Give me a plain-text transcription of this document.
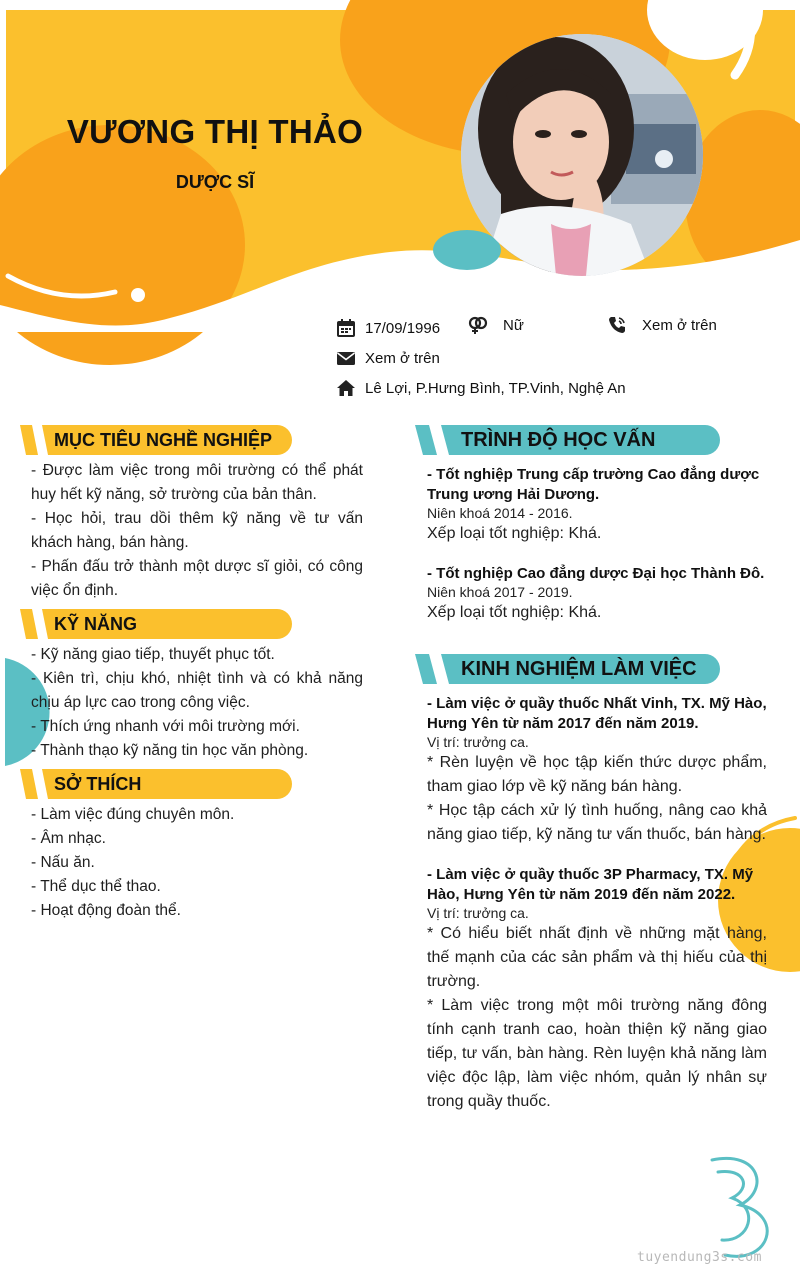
VƯƠNG THỊ THẢO
DƯỢC SĨ
17/09/1996	Nữ	Xem ở trên
Xem ở trên
Lê Lợi, P.Hưng Bình, TP.Vinh, Nghệ An
MỤC TIÊU NGHỀ NGHIỆP

- Được làm việc trong môi trường có thể phát huy hết kỹ năng, sở trường của bản thân.

- Học hỏi, trau dồi thêm kỹ năng về tư vấn khách hàng, bán hàng.

- Phấn đấu trở thành một dược sĩ giỏi, có công việc ổn định.

KỸ NĂNG

- Kỹ năng giao tiếp, thuyết phục tốt.

- Kiên trì, chịu khó, nhiệt tình và có khả năng chịu áp lực cao trong công việc.

- Thích ứng nhanh với môi trường mới.

- Thành thạo kỹ năng tin học văn phòng.

SỞ THÍCH

- Làm việc đúng chuyên môn.

- Âm nhạc.

- Nấu ăn.

- Thể dục thể thao.

- Hoạt động đoàn thể.

TRÌNH ĐỘ HỌC VẤN
- Tốt nghiệp Trung cấp trường Cao đẳng dược Trung ương Hải Dương.
Niên khoá 2014 - 2016.
Xếp loại tốt nghiệp: Khá.
- Tốt nghiệp Cao đẳng dược Đại học Thành Đô.
Niên khoá 2017 - 2019.
Xếp loại tốt nghiệp: Khá.
KINH NGHIỆM LÀM VIỆC
- Làm việc ở quầy thuốc Nhất Vinh, TX. Mỹ Hào, Hưng Yên từ năm 2017 đến năm 2019.
Vị trí: trưởng ca.
* Rèn luyện về học tập kiến thức dược phẩm, tham giao lớp về kỹ năng bán hàng.
* Học tập cách xử lý tình huống, nâng cao khả năng giao tiếp, kỹ năng tư vấn thuốc, bán hàng.
- Làm việc ở quầy thuốc 3P Pharmacy, TX. Mỹ Hào, Hưng Yên từ năm 2019 đến năm 2022.
Vị trí: trưởng ca.
* Có hiểu biết nhất định về những mặt hàng, thế mạnh của các sản phẩm và thị hiếu của thị trường.
* Làm việc trong một môi trường năng đông tính cạnh tranh cao, hoàn thiện kỹ năng giao tiếp, tư vấn, bàn hàng. Rèn luyện khả năng làm việc độc lập, làm việc nhóm, quản lý nhân sự trong quầy thuốc.
tuyendung3s.com
